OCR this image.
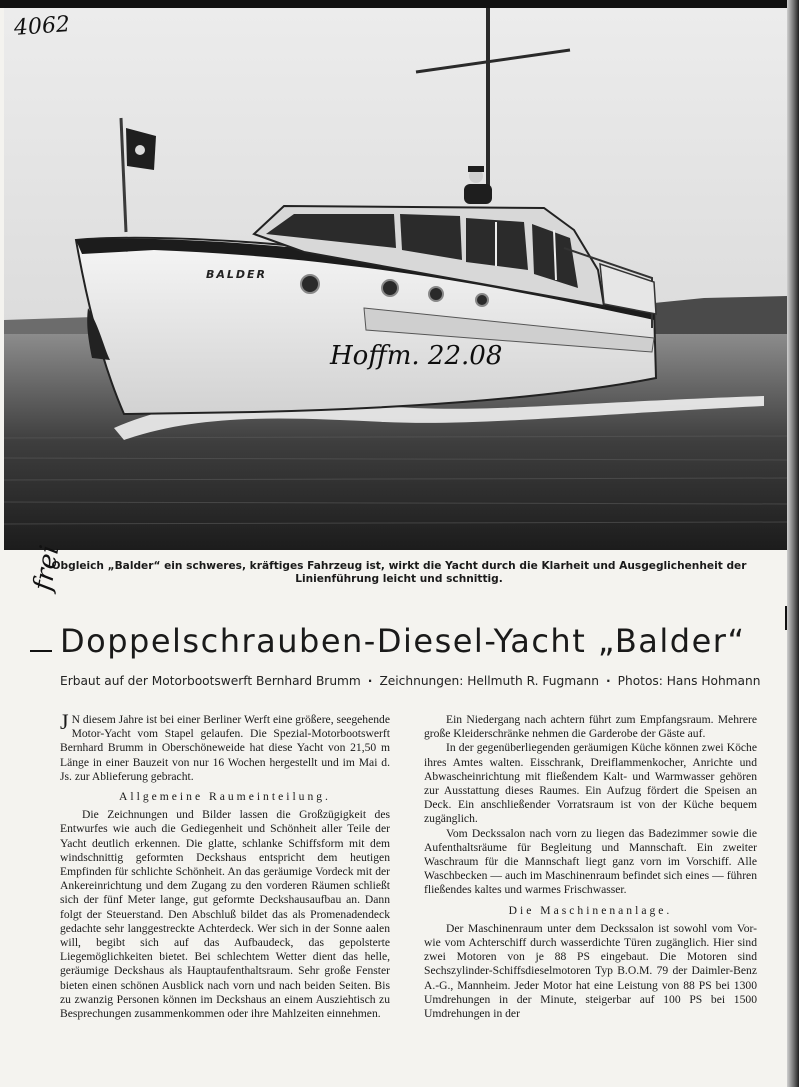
BALDER
Hoffm. 22.08
4062
Obgleich „Balder“ ein schweres, kräftiges Fahrzeug ist, wirkt die Yacht durch die Klarheit und Ausgeglichenheit der Linienführung leicht und schnittig.
frei
Doppelschrauben-Diesel-Yacht „Balder“
Erbaut auf der Motorbootswerft Bernhard Brumm · Zeichnungen: Hellmuth R. Fugmann · Photos: Hans Hohmann

J N diesem Jahre ist bei einer Berliner Werft eine größere, seegehende Motor-Yacht vom Stapel gelaufen. Die Spezial-Motorbootswerft Bernhard Brumm in Oberschöneweide hat diese Yacht von 21,50 m Länge in einer Bauzeit von nur 16 Wochen hergestellt und im Mai d. Js. zur Ablieferung gebracht.

Allgemeine Raumeinteilung.

Die Zeichnungen und Bilder lassen die Großzügigkeit des Entwurfes wie auch die Gediegenheit und Schönheit aller Teile der Yacht deutlich erkennen. Die glatte, schlanke Schiffsform mit dem windschnittig geformten Deckshaus entspricht dem heutigen Empfinden für schlichte Schönheit. An das geräumige Vordeck mit der Ankereinrichtung und dem Zugang zu den vorderen Räumen schließt sich der fünf Meter lange, gut geformte Deckshausaufbau an. Dann folgt der Steuerstand. Den Abschluß bildet das als Promenadendeck gedachte sehr langgestreckte Achterdeck. Wer sich in der Sonne aalen will, begibt sich auf das Aufbaudeck, das gepolsterte Liegemöglichkeiten bietet. Bei schlechtem Wetter dient das helle, geräumige Deckshaus als Hauptaufenthaltsraum. Sehr große Fenster bieten einen schönen Ausblick nach vorn und nach beiden Seiten. Bis zu zwanzig Personen können im Deckshaus an einem Ausziehtisch zu Besprechungen zusammenkommen oder ihre Mahlzeiten einnehmen.

Ein Niedergang nach achtern führt zum Empfangsraum. Mehrere große Kleiderschränke nehmen die Garderobe der Gäste auf.

In der gegenüberliegenden geräumigen Küche können zwei Köche ihres Amtes walten. Eisschrank, Dreiflammenkocher, Anrichte und Abwascheinrichtung mit fließendem Kalt- und Warmwasser gehören zur Ausstattung dieses Raumes. Ein Aufzug fördert die Speisen an Deck. Ein anschließender Vorratsraum ist von der Küche bequem zugänglich.

Vom Deckssalon nach vorn zu liegen das Badezimmer sowie die Aufenthaltsräume für Begleitung und Mannschaft. Ein zweiter Waschraum für die Mannschaft liegt ganz vorn im Vorschiff. Alle Waschbecken — auch im Maschinenraum befindet sich eines — führen fließendes kaltes und warmes Frischwasser.

Die Maschinenanlage.

Der Maschinenraum unter dem Deckssalon ist sowohl vom Vor- wie vom Achterschiff durch wasserdichte Türen zugänglich. Hier sind zwei Motoren von je 88 PS eingebaut. Die Motoren sind Sechszylinder-Schiffsdieselmotoren Typ B.O.M. 79 der Daimler-Benz A.-G., Mannheim. Jeder Motor hat eine Leistung von 88 PS bei 1300 Umdrehungen in der Minute, steigerbar auf 100 PS bei 1500 Umdrehungen in der
